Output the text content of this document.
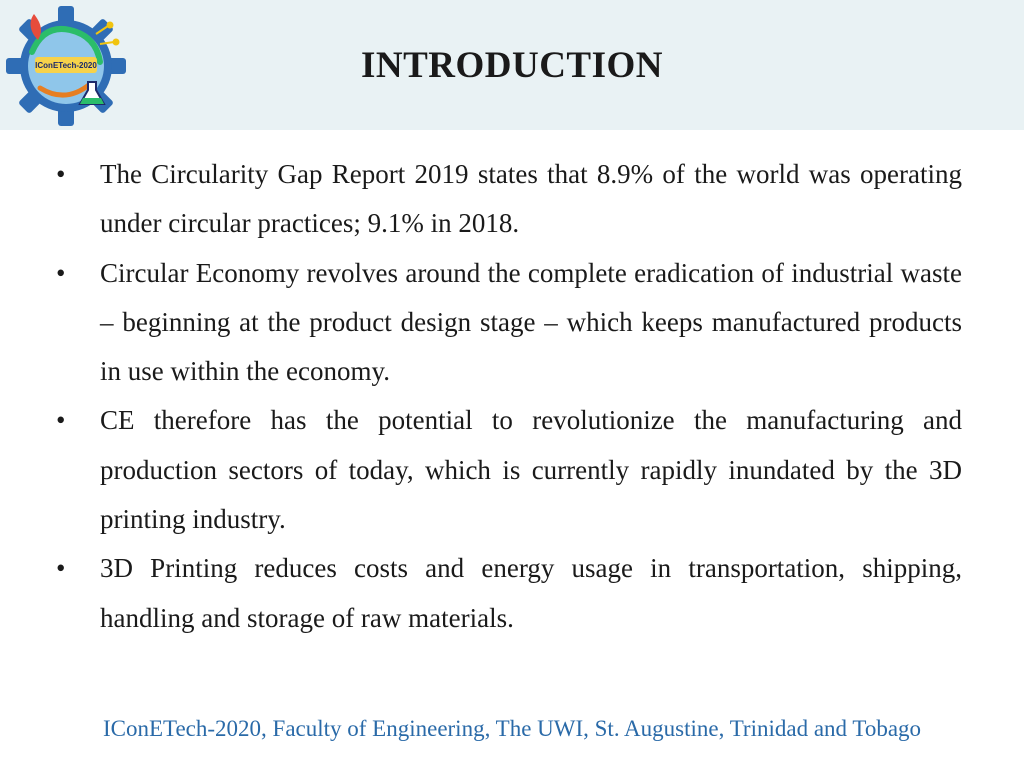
IConETech-2020	INTRODUCTION
•	The Circularity Gap Report 2019 states that 8.9% of the world was operating under circular practices; 9.1% in 2018.
•	Circular Economy revolves around the complete eradication of industrial waste – beginning at the product design stage – which keeps manufactured products in use within the economy.
•	CE therefore has the potential to revolutionize the manufacturing and production sectors of today, which is currently rapidly inundated by the 3D printing industry.
•	3D Printing reduces costs and energy usage in transportation, shipping, handling and storage of raw materials.
IConETech-2020, Faculty of Engineering, The UWI, St. Augustine, Trinidad and Tobago
